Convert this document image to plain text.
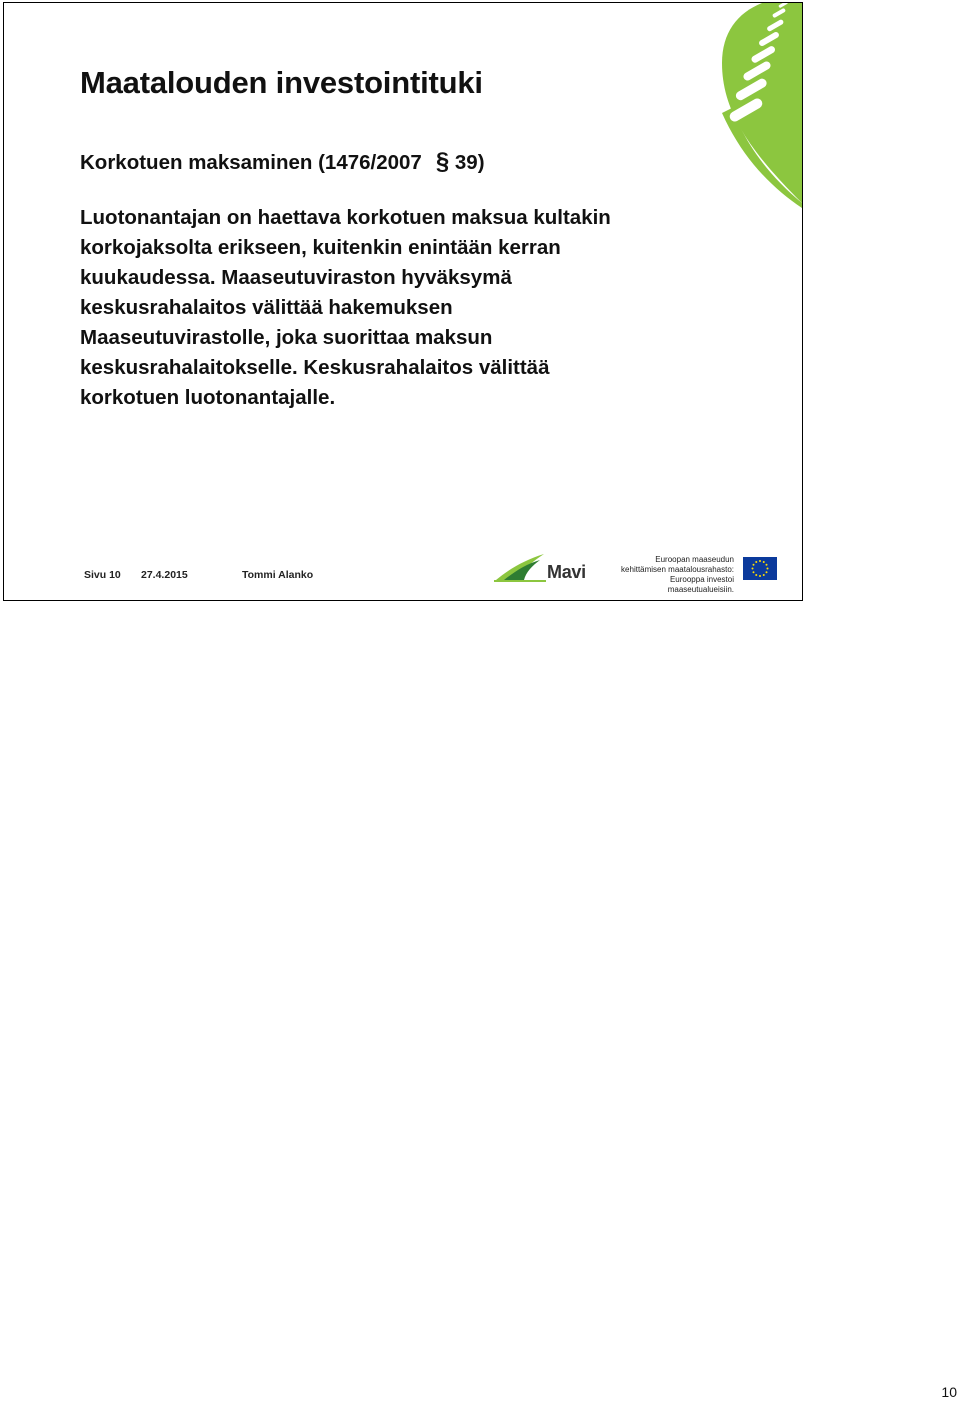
Maatalouden investointituki

Korkotuen maksaminen (1476/2007 § 39)

Luotonantajan on haettava korkotuen maksua kultakin
korkojaksolta erikseen, kuitenkin enintään kerran
kuukaudessa. Maaseutuviraston hyväksymä
keskusrahalaitos välittää hakemuksen
Maaseutuvirastolle, joka suorittaa maksun
keskusrahalaitokselle. Keskusrahalaitos välittää
korkotuen luotonantajalle.

Sivu 10 27.4.2015	Tommi Alanko	Mavi
Euroopan maaseudun
kehittämisen maatalousrahasto:
Eurooppa investoi maaseutualueisiin.
10
